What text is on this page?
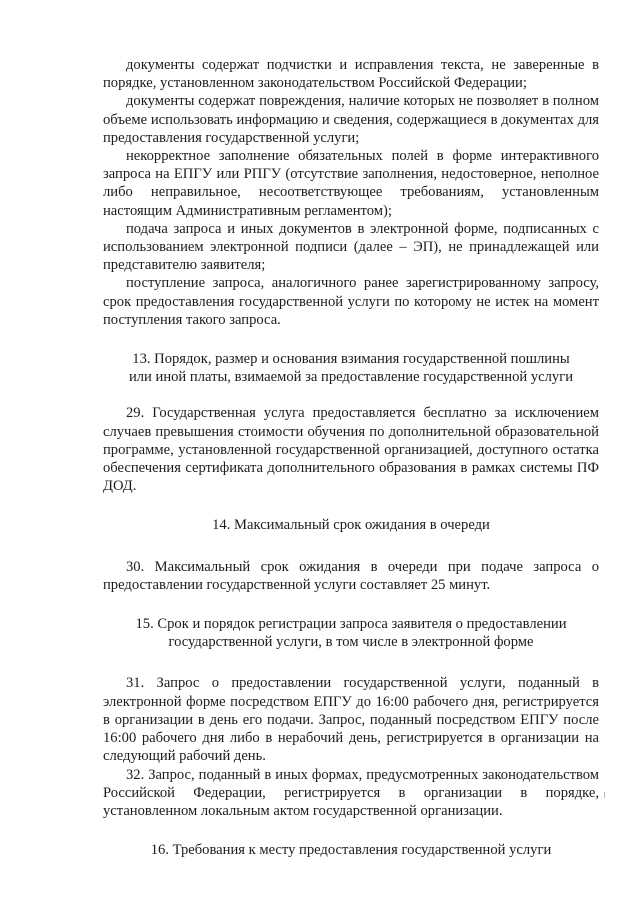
документы содержат подчистки и исправления текста, не заверенные в порядке, установленном законодательством Российской Федерации;

документы содержат повреждения, наличие которых не позволяет в полном объеме использовать информацию и сведения, содержащиеся в документах для предоставления государственной услуги;

некорректное заполнение обязательных полей в форме интерактивного запроса на ЕПГУ или РПГУ (отсутствие заполнения, недостоверное, неполное либо неправильное, несоответствующее требованиям, установленным настоящим Административным регламентом);

подача запроса и иных документов в электронной форме, подписанных с использованием электронной подписи (далее – ЭП), не принадлежащей или представителю заявителя;

поступление запроса, аналогичного ранее зарегистрированному запросу, срок предоставления государственной услуги по которому не истек на момент поступления такого запроса.

13. Порядок, размер и основания взимания государственной пошлины

или иной платы, взимаемой за предоставление государственной услуги

29. Государственная услуга предоставляется бесплатно за исключением случаев превышения стоимости обучения по дополнительной образовательной программе, установленной государственной организацией, доступного остатка обеспечения сертификата дополнительного образования в рамках системы ПФ ДОД.

14. Максимальный срок ожидания в очереди

30. Максимальный срок ожидания в очереди при подаче запроса о предоставлении государственной услуги составляет 25 минут.

15. Срок и порядок регистрации запроса заявителя о предоставлении

государственной услуги, в том числе в электронной форме

31. Запрос о предоставлении государственной услуги, поданный в электронной форме посредством ЕПГУ до 16:00 рабочего дня, регистрируется в организации в день его подачи. Запрос, поданный посредством ЕПГУ после 16:00 рабочего дня либо в нерабочий день, регистрируется в организации на следующий рабочий день.

32. Запрос, поданный в иных формах, предусмотренных законодательством Российской Федерации, регистрируется в организации в порядке, установленном локальным актом государственной организации.

16. Требования к месту предоставления государственной услуги
